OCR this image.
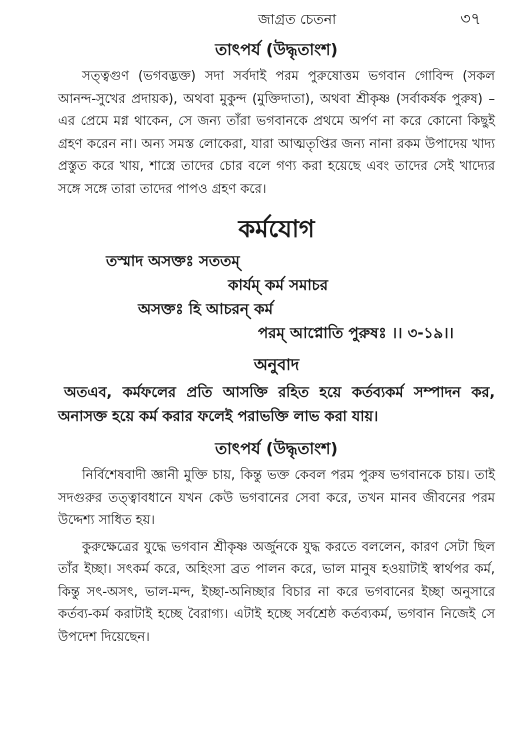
জাগ্রত চেতনা	৩৭
তাৎপর্য (উদ্ধৃতাংশ)
সত্ত্বগুণ (ভগবদ্ভক্ত) সদা সর্বদাই পরম পুরুষোত্তম ভগবান গোবিন্দ (সকল আনন্দ-সুখের প্রদায়ক), অথবা মুকুন্দ (মুক্তিদাতা), অথবা শ্রীকৃষ্ণ (সর্বাকর্ষক পুরুষ) – এর প্রেমে মগ্ন থাকেন, সে জন্য তাঁরা ভগবানকে প্রথমে অর্পণ না করে কোনো কিছুই গ্রহণ করেন না। অন্য সমস্ত লোকেরা, যারা আত্মতৃপ্তির জন্য নানা রকম উপাদেয় খাদ্য প্রস্তুত করে খায়, শাস্ত্রে তাদের চোর বলে গণ্য করা হয়েছে এবং তাদের সেই খাদ্যের সঙ্গে সঙ্গে তারা তাদের পাপও গ্রহণ করে।
কর্মযোগ
তস্মাদ অসক্তঃ সততম্
কার্যম্ কর্ম সমাচর
অসক্তঃ হি আচরন্ কর্ম
পরম্ আপ্নোতি পুরুষঃ ।। ৩-১৯।।
অনুবাদ
অতএব, কর্মফলের প্রতি আসক্তি রহিত হয়ে কর্তব্যকর্ম সম্পাদন কর, অনাসক্ত হয়ে কর্ম করার ফলেই পরাভক্তি লাভ করা যায়।
তাৎপর্য (উদ্ধৃতাংশ)
নির্বিশেষবাদী জ্ঞানী মুক্তি চায়, কিন্তু ভক্ত কেবল পরম পুরুষ ভগবানকে চায়। তাই সদগুরুর তত্ত্বাবধানে যখন কেউ ভগবানের সেবা করে, তখন মানব জীবনের পরম উদ্দেশ্য সাধিত হয়।
কুরুক্ষেত্রের যুদ্ধে ভগবান শ্রীকৃষ্ণ অর্জুনকে যুদ্ধ করতে বললেন, কারণ সেটা ছিল তাঁর ইচ্ছা। সৎকর্ম করে, অহিংসা ব্রত পালন করে, ভাল মানুষ হওয়াটাই স্বার্থপর কর্ম, কিন্তু সৎ-অসৎ, ভাল-মন্দ, ইচ্ছা-অনিচ্ছার বিচার না করে ভগবানের ইচ্ছা অনুসারে কর্তব্য-কর্ম করাটাই হচ্ছে বৈরাগ্য। এটাই হচ্ছে সর্বশ্রেষ্ঠ কর্তব্যকর্ম, ভগবান নিজেই সে উপদেশ দিয়েছেন।
